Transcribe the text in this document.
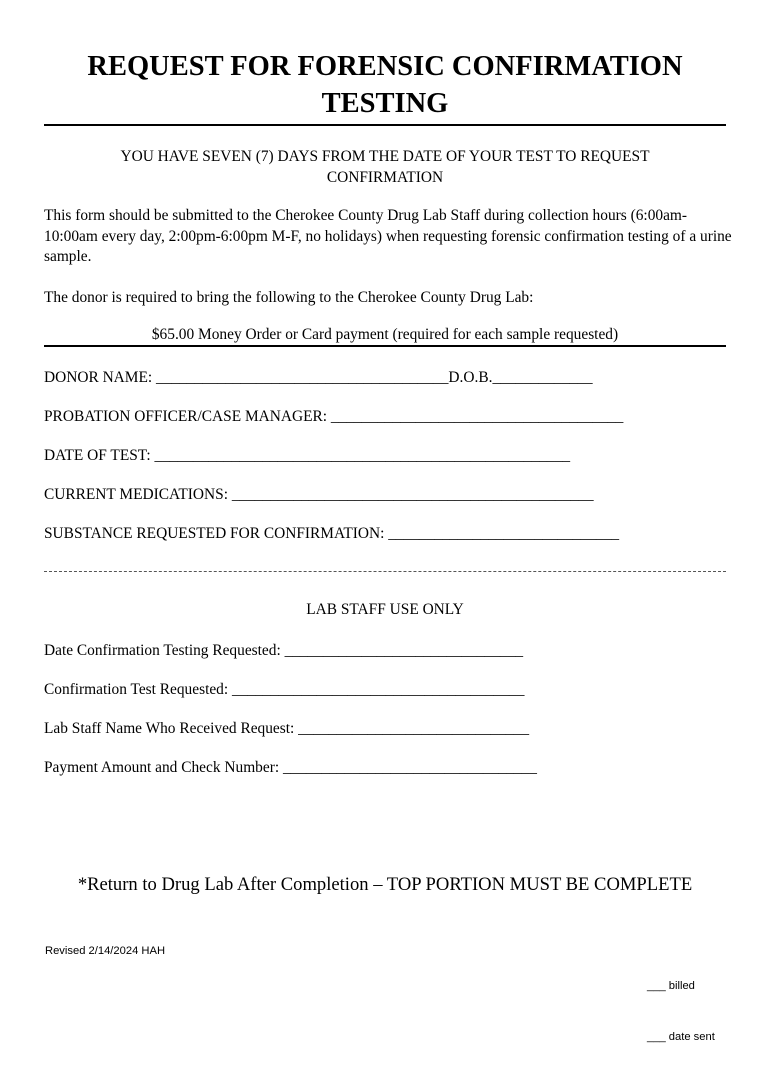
REQUEST FOR FORENSIC CONFIRMATION
TESTING
YOU HAVE SEVEN (7) DAYS FROM THE DATE OF YOUR TEST TO REQUEST
CONFIRMATION
This form should be submitted to the Cherokee County Drug Lab Staff during collection hours (6:00am-10:00am every day, 2:00pm-6:00pm M-F, no holidays) when requesting forensic confirmation testing of a urine sample.
The donor is required to bring the following to the Cherokee County Drug Lab:
$65.00 Money Order or Card payment (required for each sample requested)
DONOR NAME: ______________________________________D.O.B._____________
PROBATION OFFICER/CASE MANAGER: ______________________________________
DATE OF TEST: ______________________________________________________
CURRENT MEDICATIONS: _______________________________________________
SUBSTANCE REQUESTED FOR CONFIRMATION: ______________________________
LAB STAFF USE ONLY
Date Confirmation Testing Requested: _______________________________
Confirmation Test Requested: ______________________________________
Lab Staff Name Who Received Request: ______________________________
Payment Amount and Check Number: _________________________________
*Return to Drug Lab After Completion – TOP PORTION MUST BE COMPLETE
Revised 2/14/2024 HAH

___ billed

___ date sent
